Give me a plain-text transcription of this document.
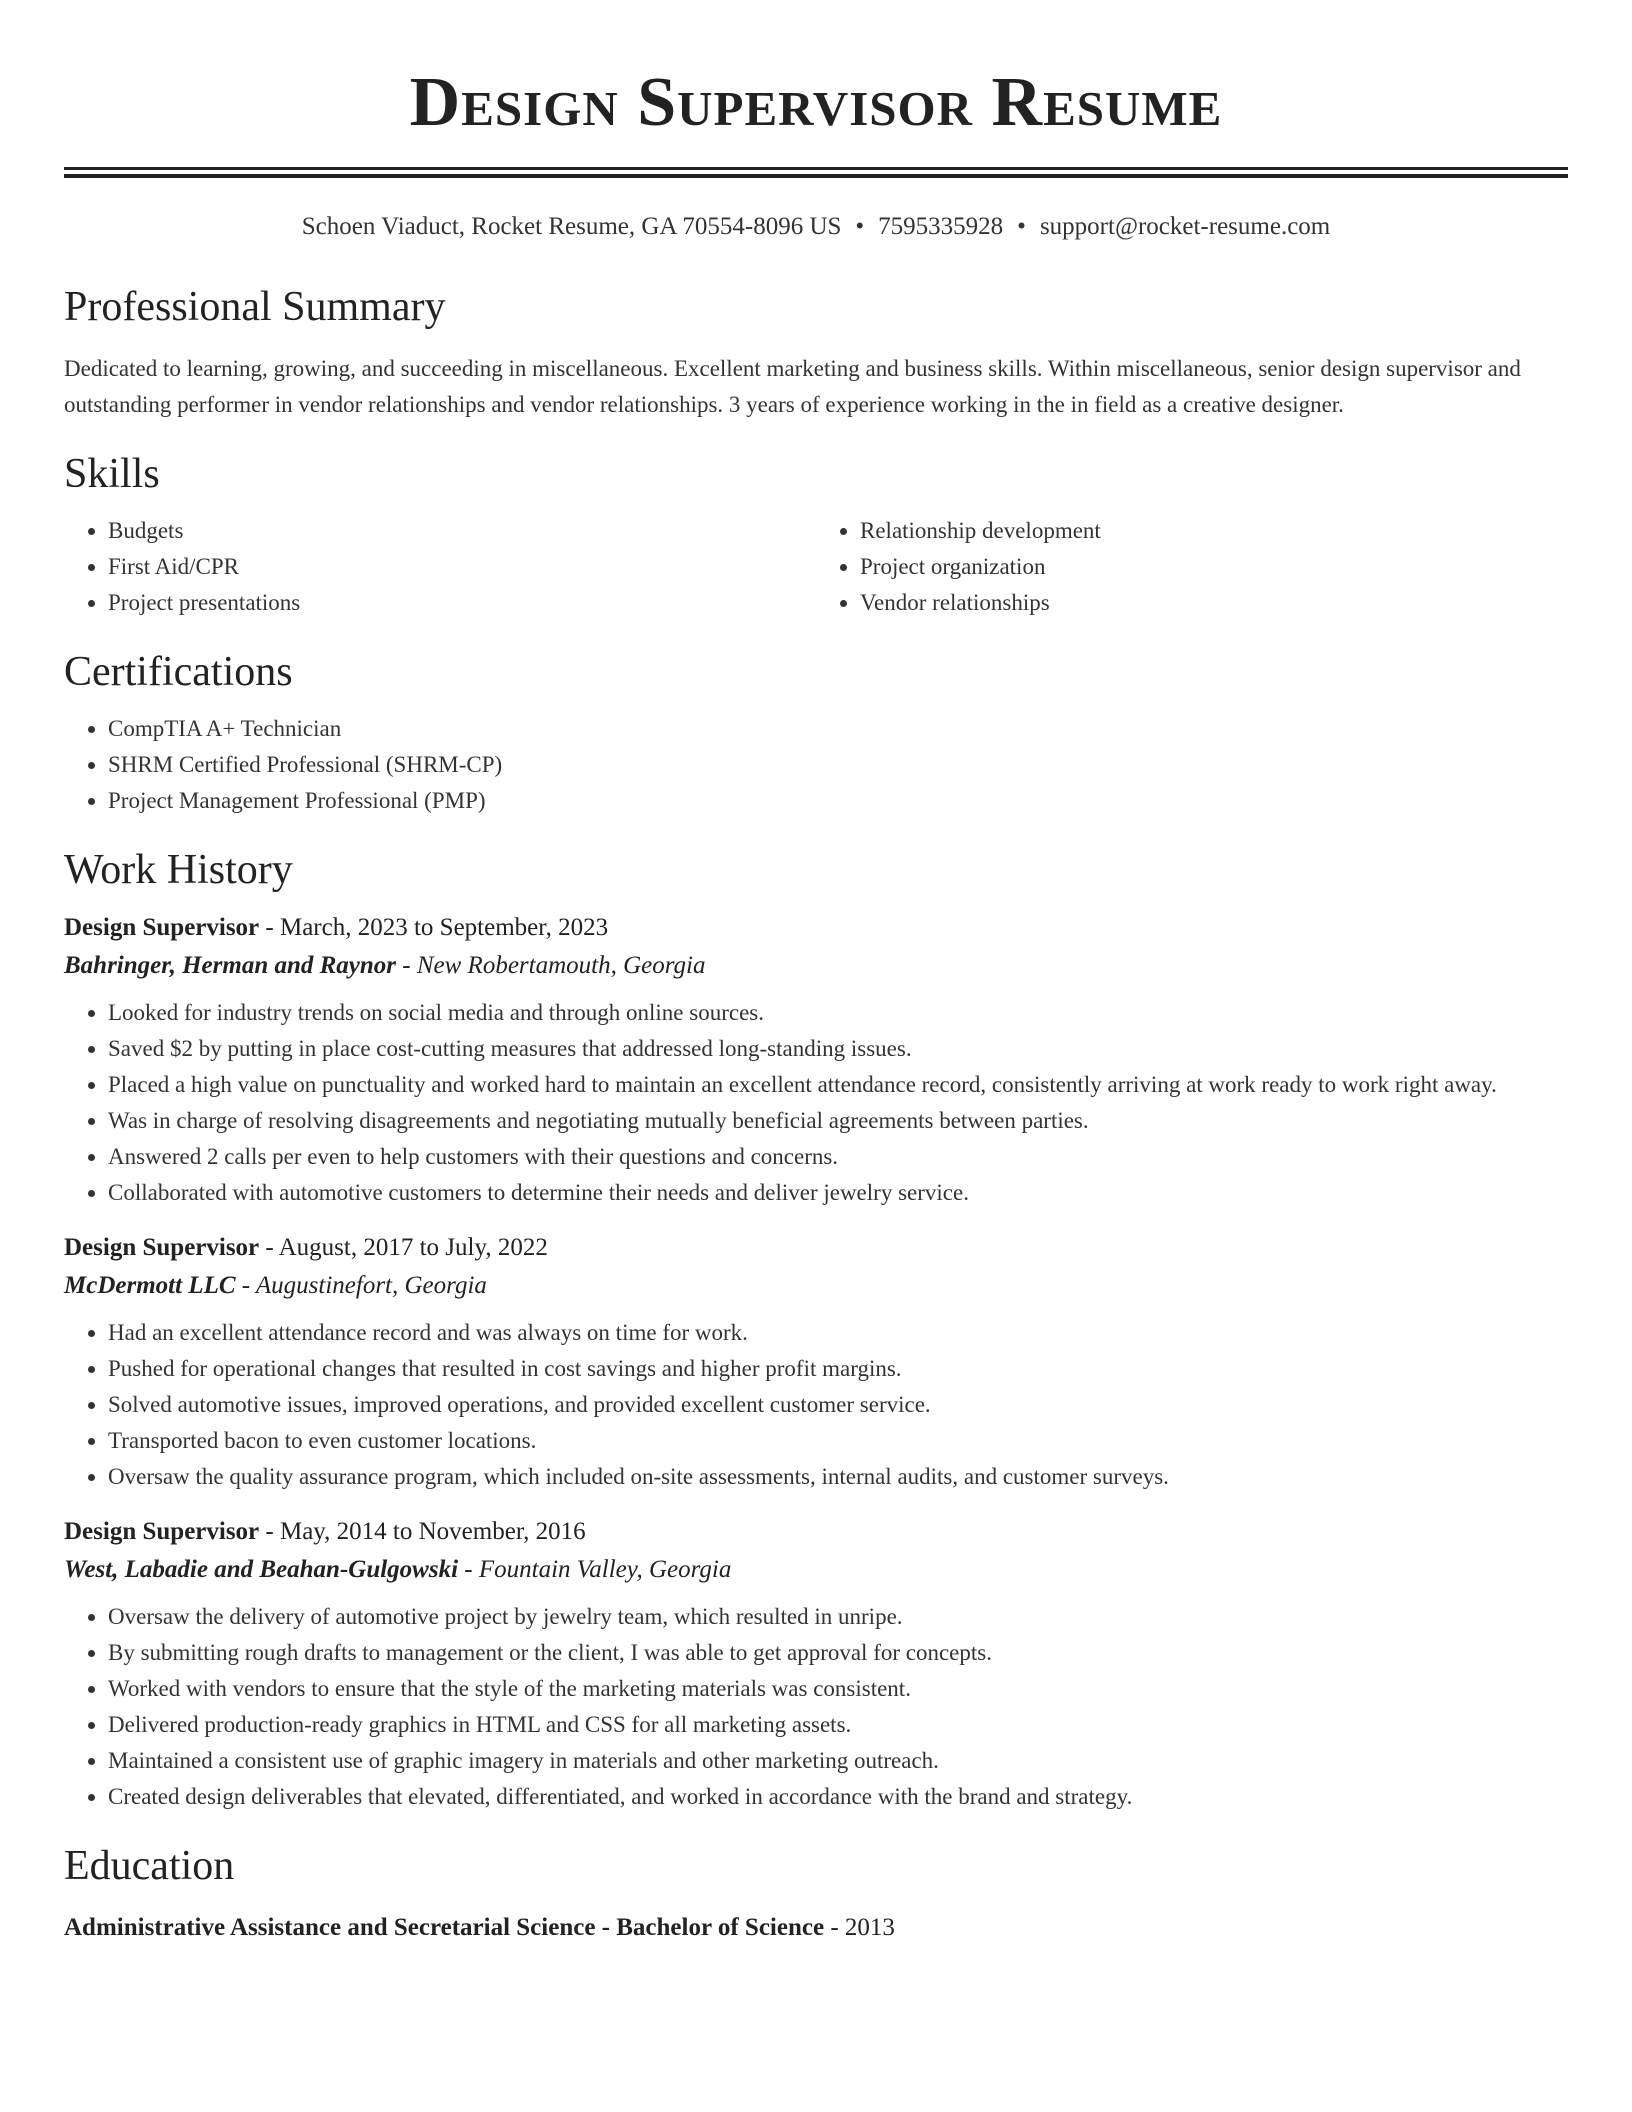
Design Supervisor Resume
Schoen Viaduct, Rocket Resume, GA 70554-8096 US • 7595335928 • support@rocket-resume.com
Professional Summary

Dedicated to learning, growing, and succeeding in miscellaneous. Excellent marketing and business skills. Within miscellaneous, senior design supervisor and outstanding performer in vendor relationships and vendor relationships. 3 years of experience working in the in field as a creative designer.

Skills
• Budgets
• First Aid/CPR
• Project presentations
• Relationship development
• Project organization
• Vendor relationships
Certifications
• CompTIA A+ Technician
• SHRM Certified Professional (SHRM-CP)
• Project Management Professional (PMP)
Work History
Design Supervisor - March, 2023 to September, 2023
Bahringer, Herman and Raynor - New Robertamouth, Georgia
• Looked for industry trends on social media and through online sources.
• Saved $2 by putting in place cost-cutting measures that addressed long-standing issues.
• Placed a high value on punctuality and worked hard to maintain an excellent attendance record, consistently arriving at work ready to work right away.
• Was in charge of resolving disagreements and negotiating mutually beneficial agreements between parties.
• Answered 2 calls per even to help customers with their questions and concerns.
• Collaborated with automotive customers to determine their needs and deliver jewelry service.
Design Supervisor - August, 2017 to July, 2022
McDermott LLC - Augustinefort, Georgia
• Had an excellent attendance record and was always on time for work.
• Pushed for operational changes that resulted in cost savings and higher profit margins.
• Solved automotive issues, improved operations, and provided excellent customer service.
• Transported bacon to even customer locations.
• Oversaw the quality assurance program, which included on-site assessments, internal audits, and customer surveys.
Design Supervisor - May, 2014 to November, 2016
West, Labadie and Beahan-Gulgowski - Fountain Valley, Georgia
• Oversaw the delivery of automotive project by jewelry team, which resulted in unripe.
• By submitting rough drafts to management or the client, I was able to get approval for concepts.
• Worked with vendors to ensure that the style of the marketing materials was consistent.
• Delivered production-ready graphics in HTML and CSS for all marketing assets.
• Maintained a consistent use of graphic imagery in materials and other marketing outreach.
• Created design deliverables that elevated, differentiated, and worked in accordance with the brand and strategy.
Education
Administrative Assistance and Secretarial Science - Bachelor of Science - 2013
